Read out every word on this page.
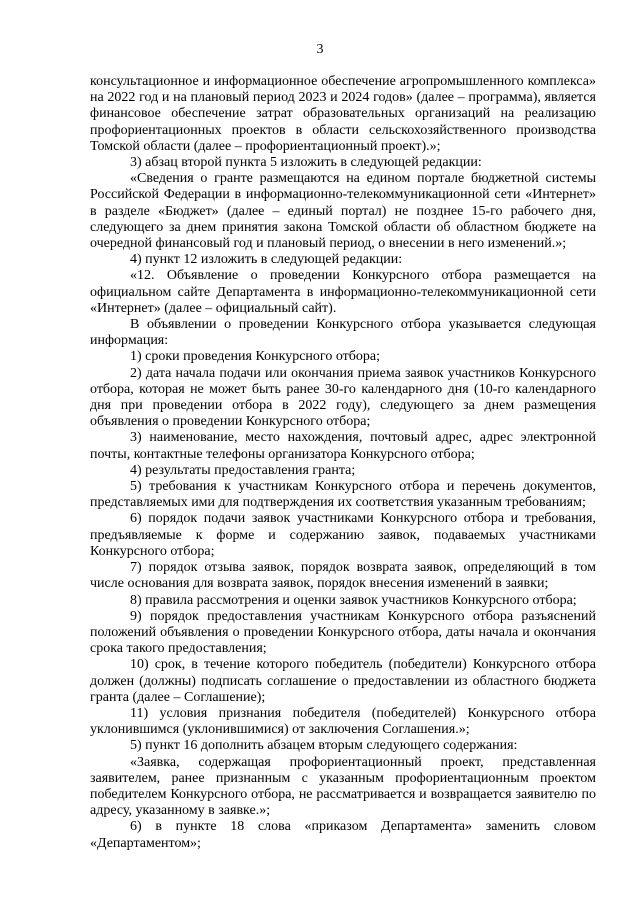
3

консультационное и информационное обеспечение агропромышленного комплекса» на 2022 год и на плановый период 2023 и 2024 годов» (далее – программа), является финансовое обеспечение затрат образовательных организаций на реализацию профориентационных проектов в области сельскохозяйственного производства Томской области (далее – профориентационный проект).»;

3) абзац второй пункта 5 изложить в следующей редакции:

«Сведения о гранте размещаются на едином портале бюджетной системы Российской Федерации в информационно-телекоммуникационной сети «Интернет» в разделе «Бюджет» (далее – единый портал) не позднее 15-го рабочего дня, следующего за днем принятия закона Томской области об областном бюджете на очередной финансовый год и плановый период, о внесении в него изменений.»;

4) пункт 12 изложить в следующей редакции:

«12. Объявление о проведении Конкурсного отбора размещается на официальном сайте Департамента в информационно-телекоммуникационной сети «Интернет» (далее – официальный сайт).

В объявлении о проведении Конкурсного отбора указывается следующая информация:

1) сроки проведения Конкурсного отбора;

2) дата начала подачи или окончания приема заявок участников Конкурсного отбора, которая не может быть ранее 30-го календарного дня (10-го календарного дня при проведении отбора в 2022 году), следующего за днем размещения объявления о проведении Конкурсного отбора;

3) наименование, место нахождения, почтовый адрес, адрес электронной почты, контактные телефоны организатора Конкурсного отбора;

4) результаты предоставления гранта;

5) требования к участникам Конкурсного отбора и перечень документов, представляемых ими для подтверждения их соответствия указанным требованиям;

6) порядок подачи заявок участниками Конкурсного отбора и требования, предъявляемые к форме и содержанию заявок, подаваемых участниками Конкурсного отбора;

7) порядок отзыва заявок, порядок возврата заявок, определяющий в том числе основания для возврата заявок, порядок внесения изменений в заявки;

8) правила рассмотрения и оценки заявок участников Конкурсного отбора;

9) порядок предоставления участникам Конкурсного отбора разъяснений положений объявления о проведении Конкурсного отбора, даты начала и окончания срока такого предоставления;

10) срок, в течение которого победитель (победители) Конкурсного отбора должен (должны) подписать соглашение о предоставлении из областного бюджета гранта (далее – Соглашение);

11) условия признания победителя (победителей) Конкурсного отбора уклонившимся (уклонившимися) от заключения Соглашения.»;

5) пункт 16 дополнить абзацем вторым следующего содержания:

«Заявка, содержащая профориентационный проект, представленная заявителем, ранее признанным с указанным профориентационным проектом победителем Конкурсного отбора, не рассматривается и возвращается заявителю по адресу, указанному в заявке.»;

6) в пункте 18 слова «приказом Департамента» заменить словом «Департаментом»;
